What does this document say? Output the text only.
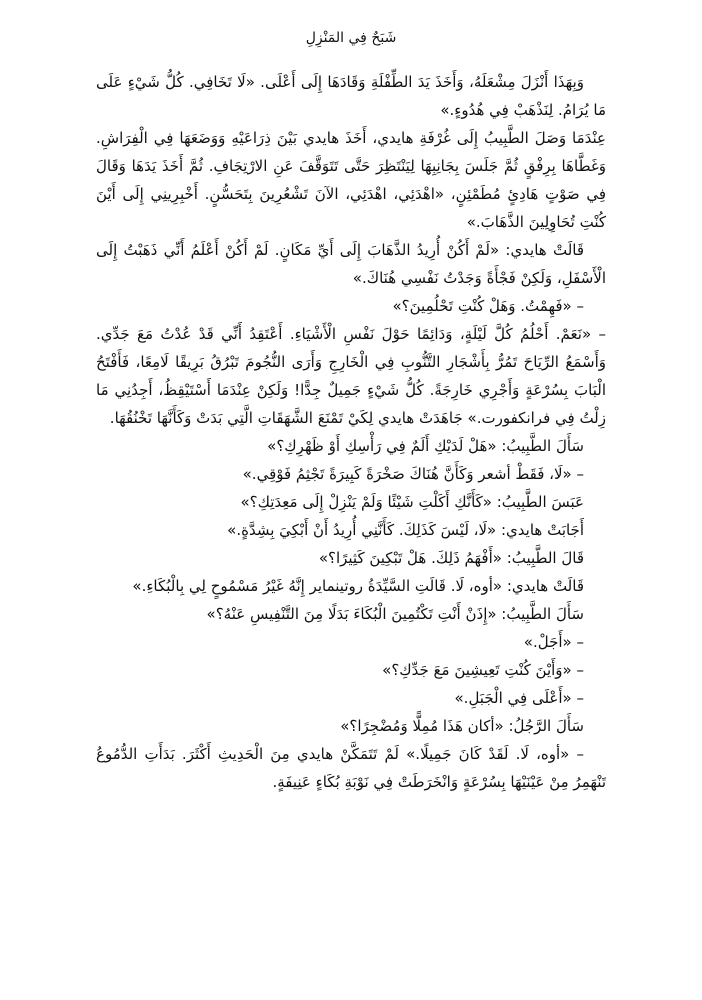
شَبَحٌ فِي المَنْزِلِ

وَبِهَذَا أَنْزَلَ مِشْعَلَهُ، وَأَخَذَ يَدَ الطِّفْلَةِ وَقَادَهَا إِلَى أَعْلَى. «لَا تَخَافِي. كُلُّ شَيْءٍ عَلَى مَا يُرَامُ. لِنَذْهَبْ فِي هُدُوءٍ.»

عِنْدَمَا وَصَلَ الطَّبِيبُ إِلَى غُرْفَةِ هايدي، أَخَذَ هايدي بَيْنَ ذِرَاعَيْهِ وَوَضَعَهَا فِي الْفِرَاشِ. وَغَطَّاهَا بِرِفْقٍ ثُمَّ جَلَسَ بِجَانِبِهَا لِيَنْتَظِرَ حَتَّى تَتَوَقَّفَ عَنِ الارْتِجَافِ. ثُمَّ أَخَذَ يَدَهَا وَقَالَ فِي صَوْتٍ هَادِئٍ مُطَمْئِنٍ، «اهْدَئِي، اهْدَئِي، الآنَ تَشْعُرِينَ بِتَحَسُّنٍ. أَخْبِرِينِي إِلَى أَيْنَ كُنْتِ تُحَاوِلِينَ الذَّهَابَ.»

قَالَتْ هايدي: «لَمْ أَكُنْ أُرِيدُ الذَّهَابَ إِلَى أَيِّ مَكَانٍ. لَمْ أَكُنْ أَعْلَمُ أَنِّي ذَهَبْتُ إِلَى الْأَسْفَلِ، وَلَكِنْ فَجْأَةً وَجَدْتُ نَفْسِي هُنَاكَ.»

– «فَهِمْتُ. وَهَلْ كُنْتِ تَحْلُمِينَ؟»

– «نَعَمْ. أَحْلُمُ كُلَّ لَيْلَةٍ، وَدَائِمًا حَوْلَ نَفْسِ الْأَشْيَاءِ. أَعْتَقِدُ أَنِّي قَدْ عُدْتُ مَعَ جَدِّي. وَأَسْمَعُ الرِّيَاحَ تَمُرُّ بِأَشْجَارِ التَّنُّوبِ فِي الْخَارِجِ وَأَرَى النُّجُومَ تَبْرُقُ بَرِيقًا لَامِعًا، فَأَفْتَحُ الْبَابَ بِسُرْعَةٍ وَأَجْرِي خَارِجَةً. كُلُّ شَيْءٍ جَمِيلٌ جِدًّا! وَلَكِنْ عِنْدَمَا أَسْتَيْقِظُ، أَجِدُنِي مَا زِلْتُ فِي فرانكفورت.» جَاهَدَتْ هايدي لِكَيْ تَمْنَعَ الشَّهَقَاتِ الَّتِي بَدَتْ وَكَأَنَّهَا تَخْنُقُهَا.

سَأَلَ الطَّبِيبُ: «هَلْ لَدَيْكِ أَلَمٌ فِي رَأْسِكِ أَوْ ظَهْرِكِ؟»

– «لَا، فَقَطْ أشعر وَكَأَنَّ هُنَاكَ صَخْرَةً كَبِيرَةً تَجْثِمُ فَوْقِي.»

عَبَسَ الطَّبِيبُ: «كَأَنَّكِ أَكَلْتِ شَيْئًا وَلَمْ يَنْزِلْ إِلَى مَعِدَتِكِ؟»

أَجَابَتْ هايدي: «لَا، لَيْسَ كَذَلِكَ. كَأَنَّنِي أُرِيدُ أَنْ أَبْكِيَ بِشِدَّةٍ.»

قَالَ الطَّبِيبُ: «أَفْهَمُ ذَلِكَ. هَلْ تَبْكِينَ كَثِيرًا؟»

قَالَتْ هايدي: «أوه، لَا. قَالَتِ السَّيِّدَةُ روتينماير إِنَّهُ غَيْرُ مَسْمُوحٍ لِي بِالْبُكَاءِ.»

سَأَلَ الطَّبِيبُ: «إِذَنْ أَنْتِ تَكْتُمِينَ الْبُكَاءَ بَدَلًا مِنَ التَّنْفِيسِ عَنْهُ؟»

– «أَجَلْ.»

– «وَأَيْنَ كُنْتِ تَعِيشِينَ مَعَ جَدِّكِ؟»

– «أَعْلَى فِي الْجَبَلِ.»

سَأَلَ الرَّجُلُ: «أكان هَذَا مُمِلًّا وَمُضْجِرًا؟»

– «أوه، لَا. لَقَدْ كَانَ جَمِيلًا.» لَمْ تَتَمَكَّنْ هايدي مِنَ الْحَدِيثِ أَكْثَرَ. بَدَأَتِ الدُّمُوعُ تَنْهَمِرُ مِنْ عَيْنَيْهَا بِسُرْعَةٍ وَانْخَرَطَتْ فِي نَوْبَةِ بُكَاءٍ عَنِيفَةٍ.
